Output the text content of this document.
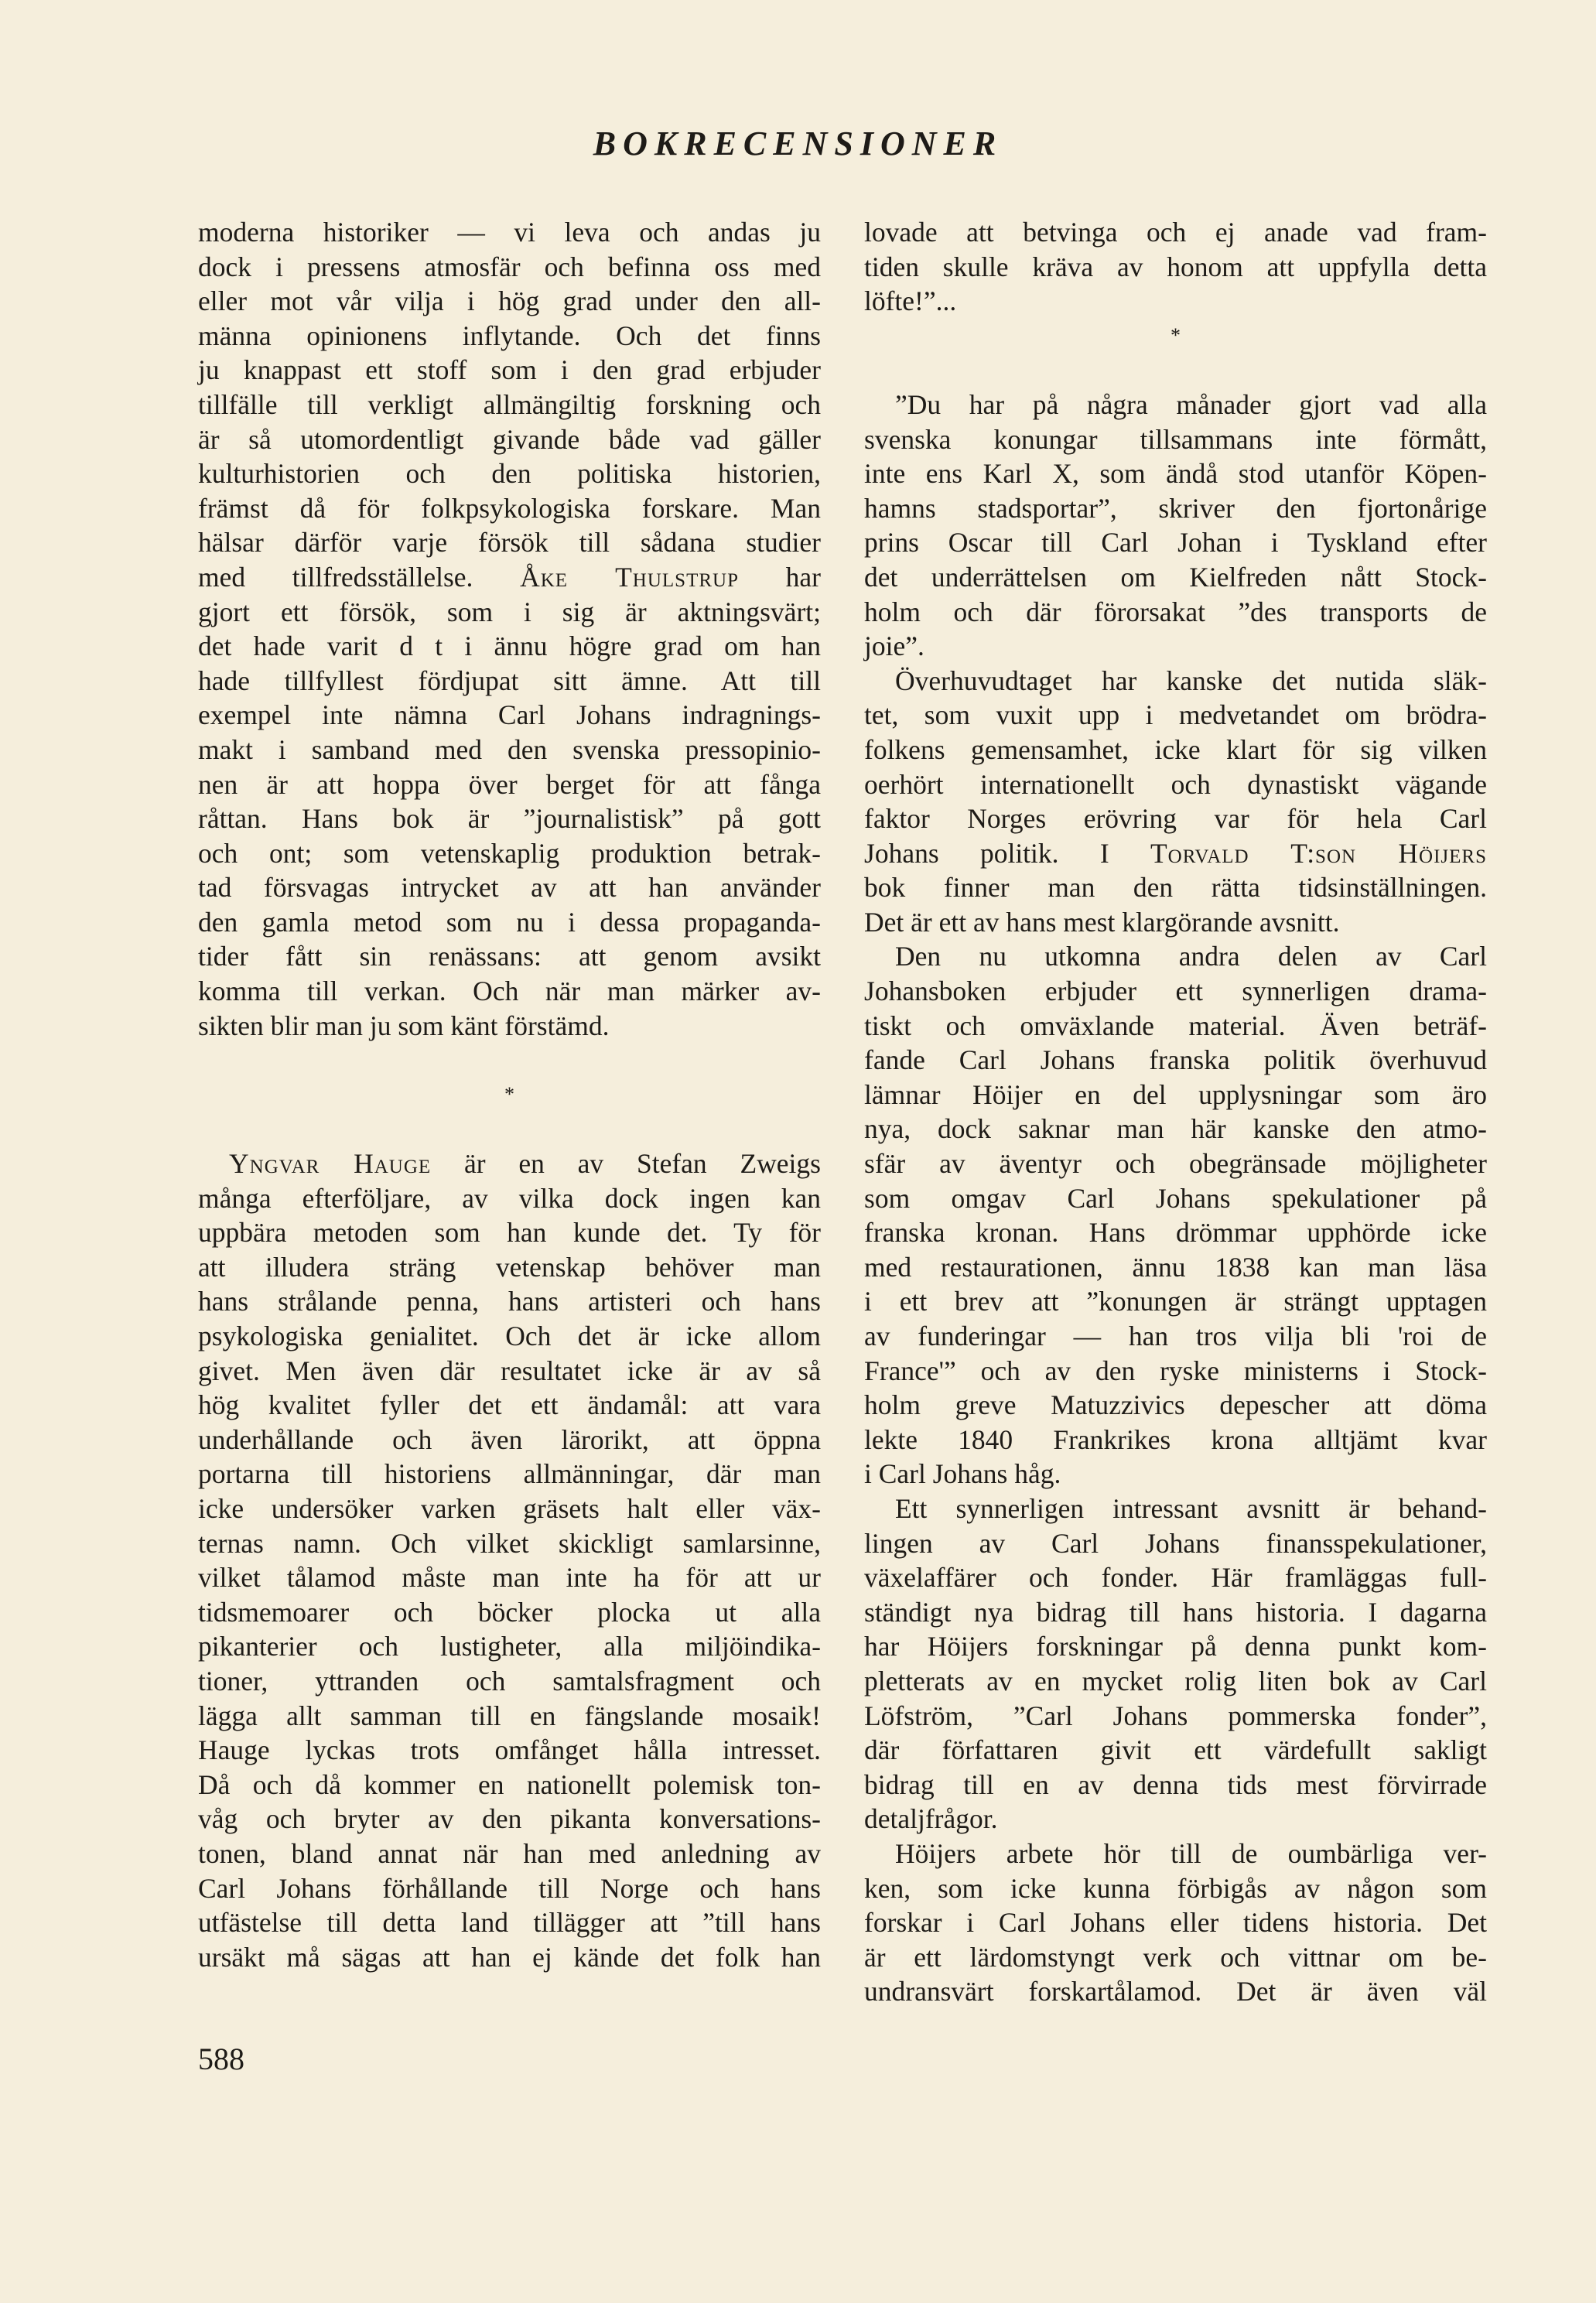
BOKRECENSIONER
moderna historiker — vi leva och andas ju
dock i pressens atmosfär och befinna oss med
eller mot vår vilja i hög grad under den all-
männa opinionens inflytande. Och det finns
ju knappast ett stoff som i den grad erbjuder
tillfälle till verkligt allmängiltig forskning och
är så utomordentligt givande både vad gäller
kulturhistorien och den politiska historien,
främst då för folkpsykologiska forskare. Man
hälsar därför varje försök till sådana studier
med tillfredsställelse. Åke Thulstrup har
gjort ett försök, som i sig är aktningsvärt;
det hade varit d t i ännu högre grad om han
hade tillfyllest fördjupat sitt ämne. Att till
exempel inte nämna Carl Johans indragnings-
makt i samband med den svenska pressopinio-
nen är att hoppa över berget för att fånga
råttan. Hans bok är ”journalistisk” på gott
och ont; som vetenskaplig produktion betrak-
tad försvagas intrycket av att han använder
den gamla metod som nu i dessa propaganda-
tider fått sin renässans: att genom avsikt
komma till verkan. Och när man märker av-
sikten blir man ju som känt förstämd.
*
Yngvar Hauge är en av Stefan Zweigs
många efterföljare, av vilka dock ingen kan
uppbära metoden som han kunde det. Ty för
att illudera sträng vetenskap behöver man
hans strålande penna, hans artisteri och hans
psykologiska genialitet. Och det är icke allom
givet. Men även där resultatet icke är av så
hög kvalitet fyller det ett ändamål: att vara
underhållande och även lärorikt, att öppna
portarna till historiens allmänningar, där man
icke undersöker varken gräsets halt eller väx-
ternas namn. Och vilket skickligt samlarsinne,
vilket tålamod måste man inte ha för att ur
tidsmemoarer och böcker plocka ut alla
pikanterier och lustigheter, alla miljöindika-
tioner, yttranden och samtalsfragment och
lägga allt samman till en fängslande mosaik!
Hauge lyckas trots omfånget hålla intresset.
Då och då kommer en nationellt polemisk ton-
våg och bryter av den pikanta konversations-
tonen, bland annat när han med anledning av
Carl Johans förhållande till Norge och hans
utfästelse till detta land tillägger att ”till hans
ursäkt må sägas att han ej kände det folk han
lovade att betvinga och ej anade vad fram-
tiden skulle kräva av honom att uppfylla detta
löfte!”...
*
”Du har på några månader gjort vad alla
svenska konungar tillsammans inte förmått,
inte ens Karl X, som ändå stod utanför Köpen-
hamns stadsportar”, skriver den fjortonårige
prins Oscar till Carl Johan i Tyskland efter
det underrättelsen om Kielfreden nått Stock-
holm och där förorsakat ”des transports de
joie”.
Överhuvudtaget har kanske det nutida släk-
tet, som vuxit upp i medvetandet om brödra-
folkens gemensamhet, icke klart för sig vilken
oerhört internationellt och dynastiskt vägande
faktor Norges erövring var för hela Carl
Johans politik. I Torvald T:son Höijers
bok finner man den rätta tidsinställningen.
Det är ett av hans mest klargörande avsnitt.
Den nu utkomna andra delen av Carl
Johansboken erbjuder ett synnerligen drama-
tiskt och omväxlande material. Även beträf-
fande Carl Johans franska politik överhuvud
lämnar Höijer en del upplysningar som äro
nya, dock saknar man här kanske den atmo-
sfär av äventyr och obegränsade möjligheter
som omgav Carl Johans spekulationer på
franska kronan. Hans drömmar upphörde icke
med restaurationen, ännu 1838 kan man läsa
i ett brev att ”konungen är strängt upptagen
av funderingar — han tros vilja bli 'roi de
France'” och av den ryske ministerns i Stock-
holm greve Matuzzivics depescher att döma
lekte 1840 Frankrikes krona alltjämt kvar
i Carl Johans håg.
Ett synnerligen intressant avsnitt är behand-
lingen av Carl Johans finansspekulationer,
växelaffärer och fonder. Här framläggas full-
ständigt nya bidrag till hans historia. I dagarna
har Höijers forskningar på denna punkt kom-
pletterats av en mycket rolig liten bok av Carl
Löfström, ”Carl Johans pommerska fonder”,
där författaren givit ett värdefullt sakligt
bidrag till en av denna tids mest förvirrade
detaljfrågor.
Höijers arbete hör till de oumbärliga ver-
ken, som icke kunna förbigås av någon som
forskar i Carl Johans eller tidens historia. Det
är ett lärdomstyngt verk och vittnar om be-
undransvärt forskartålamod. Det är även väl
588
